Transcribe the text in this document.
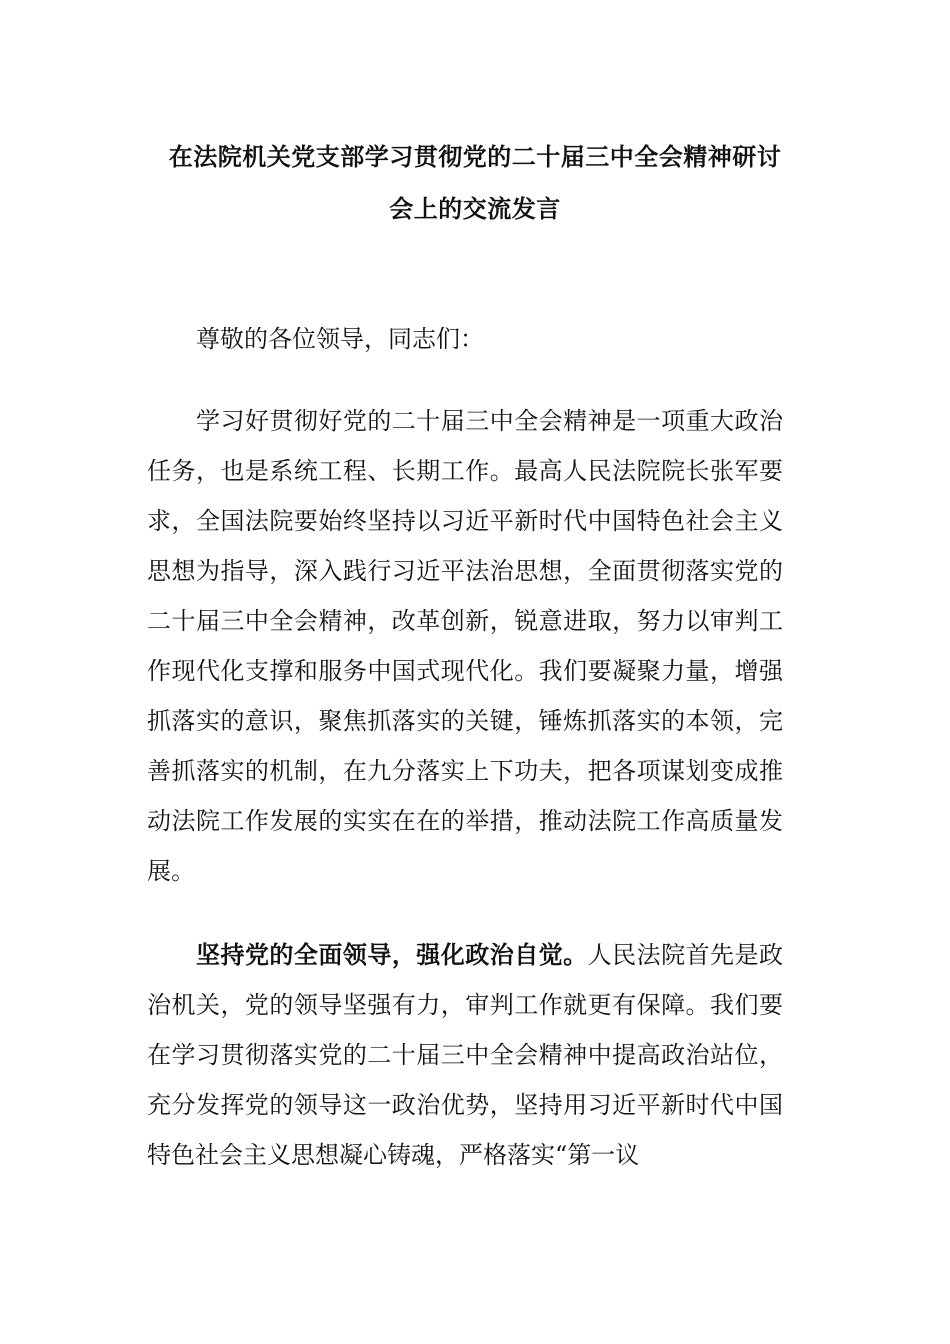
在法院机关党支部学习贯彻党的二十届三中全会精神研讨
会上的交流发言

尊敬的各位领导，同志们：

学习好贯彻好党的二十届三中全会精神是一项重大政治任务，也是系统工程、长期工作。最高人民法院院长张军要求，全国法院要始终坚持以习近平新时代中国特色社会主义思想为指导，深入践行习近平法治思想，全面贯彻落实党的二十届三中全会精神，改革创新，锐意进取，努力以审判工作现代化支撑和服务中国式现代化。我们要凝聚力量，增强抓落实的意识，聚焦抓落实的关键，锤炼抓落实的本领，完善抓落实的机制，在九分落实上下功夫，把各项谋划变成推动法院工作发展的实实在在的举措，推动法院工作高质量发展。

坚持党的全面领导，强化政治自觉。人民法院首先是政治机关，党的领导坚强有力，审判工作就更有保障。我们要在学习贯彻落实党的二十届三中全会精神中提高政治站位，充分发挥党的领导这一政治优势，坚持用习近平新时代中国特色社会主义思想凝心铸魂，严格落实“第一议
